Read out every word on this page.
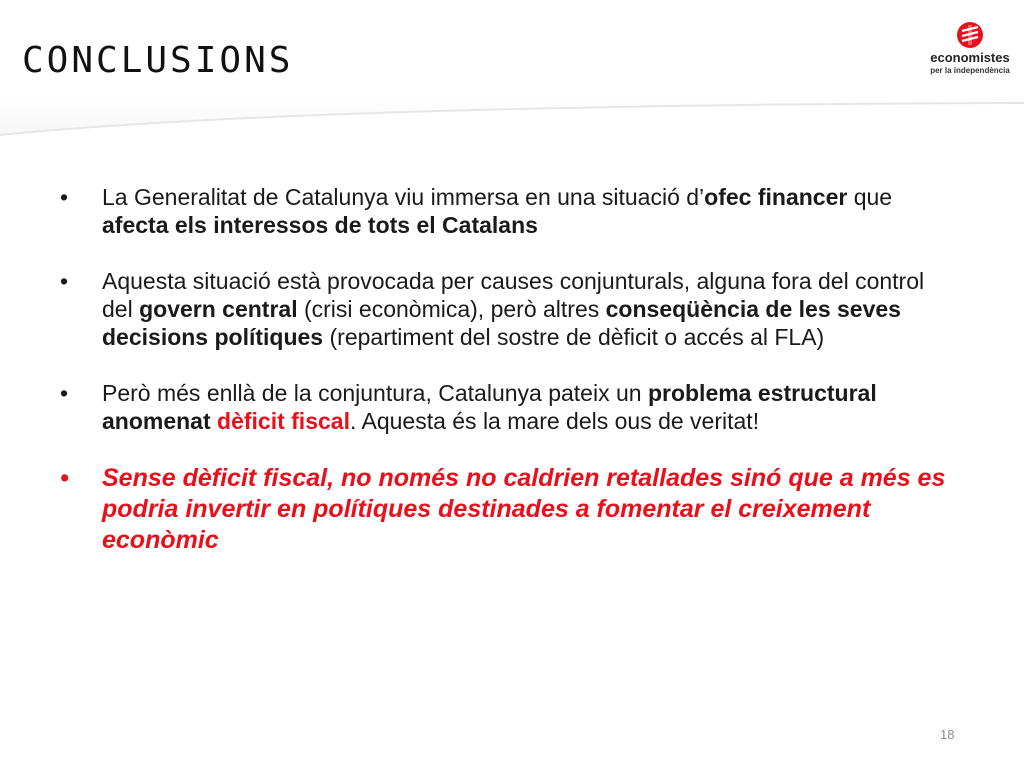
CONCLUSIONS	economistes
per la independència
• La Generalitat de Catalunya viu immersa en una situació d’ofec financer que afecta els interessos de tots el Catalans
• Aquesta situació està provocada per causes conjunturals, alguna fora del control del govern central (crisi econòmica), però altres conseqüència de les seves decisions polítiques (repartiment del sostre de dèficit o accés al FLA)
• Però més enllà de la conjuntura, Catalunya pateix un problema estructural anomenat dèficit fiscal. Aquesta és la mare dels ous de veritat!
• Sense dèficit fiscal, no només no caldrien retallades sinó que a més es podria invertir en polítiques destinades a fomentar el creixement econòmic
18
